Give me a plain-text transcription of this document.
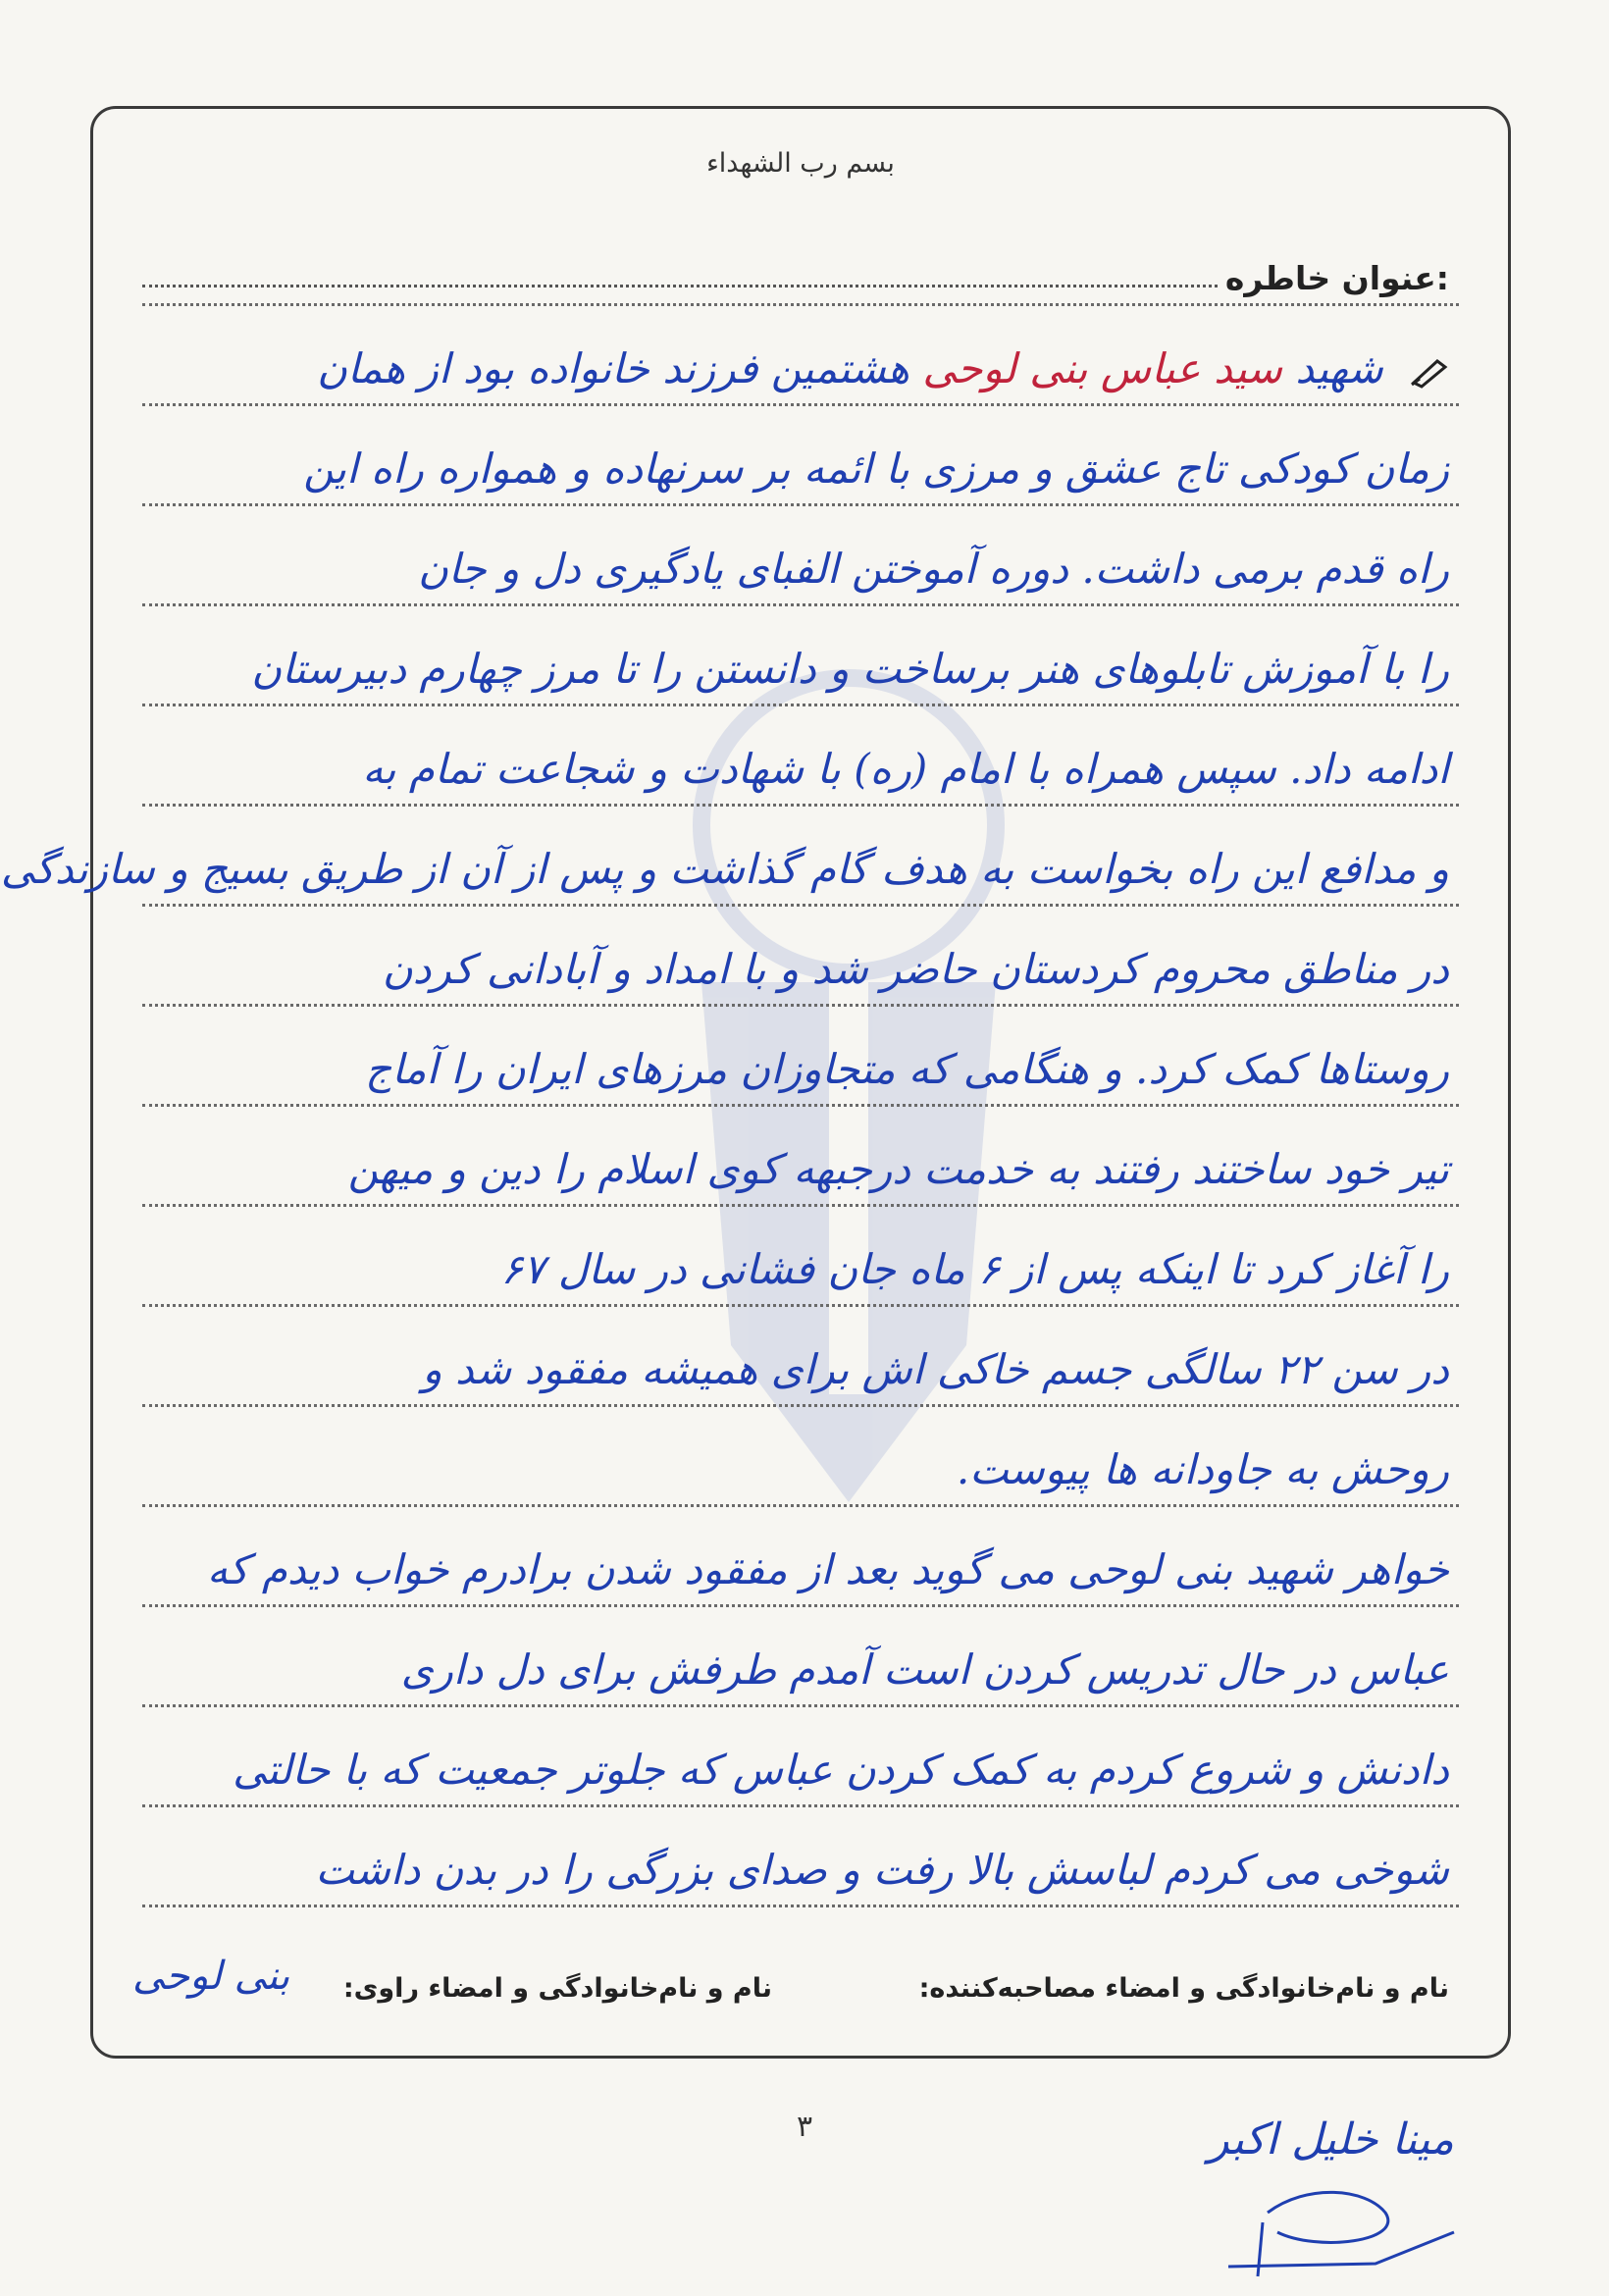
بسم رب الشهداء
عنوان خاطره:
شهید سید عباس بنی لوحی هشتمین فرزند خانواده بود از همان
زمان کودکی تاج عشق و مرزی با ائمه بر سرنهاده و همواره راه این
راه قدم برمی داشت. دوره آموختن الفبای یادگیری دل و جان
را با آموزش تابلوهای هنر برساخت و دانستن را تا مرز چهارم دبیرستان
ادامه داد. سپس همراه با امام (ره) با شهادت و شجاعت تمام به
و مدافع این راه بخواست به هدف گام گذاشت و پس از آن از طریق بسیج و سازندگی
در مناطق محروم کردستان حاضر شد و با امداد و آبادانی کردن
روستاها کمک کرد. و هنگامی که متجاوزان مرزهای ایران را آماج
تیر خود ساختند رفتند به خدمت درجبهه کوی اسلام را دین و میهن
را آغاز کرد تا اینکه پس از ۶ ماه جان فشانی در سال ۶۷
در سن ۲۲ سالگی جسم خاکی اش برای همیشه مفقود شد و
روحش به جاودانه ها پیوست.
خواهر شهید بنی لوحی می گوید بعد از مفقود شدن برادرم خواب دیدم که
عباس در حال تدریس کردن است آمدم طرفش برای دل داری
دادنش و شروع کردم به کمک کردن عباس که جلوتر جمعیت که با حالتی
شوخی می کردم لباسش بالا رفت و صدای بزرگی را در بدن داشت
نام و نام‌خانوادگی و امضاء مصاحبه‌کننده:
نام و نام‌خانوادگی و امضاء راوی:
بنی لوحی
۳	مینا خلیل اکبر
